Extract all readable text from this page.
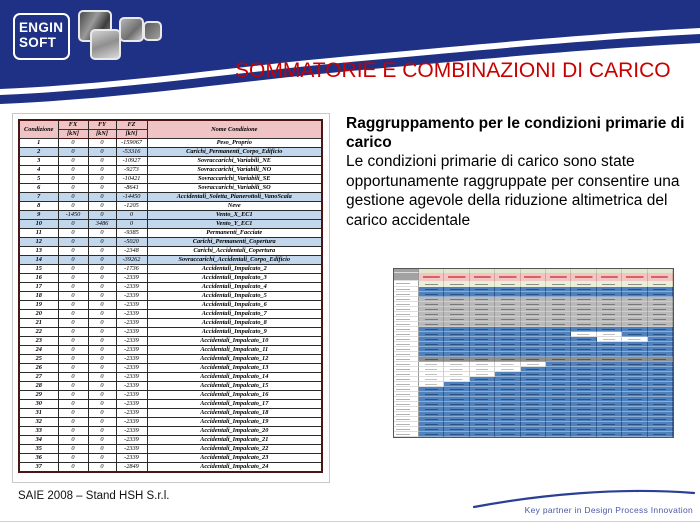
ENGIN
SOFT
SOMMATORIE E COMBINAZIONI DI CARICO
Condizione	FX	FY	FZ	Nome Condizione
	[kN]	[kN]	[kN]	
1	0	0	-159067	Peso_Proprio
2	0	0	-53316	Carichi_Permanenti_Corpo_Edificio
3	0	0	-10927	Sovraccarichi_Variabili_NE
4	0	0	-9273	Sovraccarichi_Variabili_NO
5	0	0	-10421	Sovraccarichi_Variabili_SE
6	0	0	-8641	Sovraccarichi_Variabili_SO
7	0	0	-14450	Accidentali_Soletta_Pianerottoli_VanoScala
8	0	0	-1205	Neve
9	-1450	0	0	Vento_X_EC1
10	0	3486	0	Vento_Y_EC1
11	0	0	-9385	Permanenti_Facciate
12	0	0	-5020	Carichi_Permanenti_Copertura
13	0	0	-2348	Carichi_Accidentali_Copertura
14	0	0	-39262	Sovraccarichi_Accidentali_Corpo_Edificio
15	0	0	-1736	Accidentali_Impalcato_2
16	0	0	-2339	Accidentali_Impalcato_3
17	0	0	-2339	Accidentali_Impalcato_4
18	0	0	-2339	Accidentali_Impalcato_5
19	0	0	-2339	Accidentali_Impalcato_6
20	0	0	-2339	Accidentali_Impalcato_7
21	0	0	-2339	Accidentali_Impalcato_8
22	0	0	-2339	Accidentali_Impalcato_9
23	0	0	-2339	Accidentali_Impalcato_10
24	0	0	-2339	Accidentali_Impalcato_11
25	0	0	-2339	Accidentali_Impalcato_12
26	0	0	-2339	Accidentali_Impalcato_13
27	0	0	-2339	Accidentali_Impalcato_14
28	0	0	-2339	Accidentali_Impalcato_15
29	0	0	-2339	Accidentali_Impalcato_16
30	0	0	-2339	Accidentali_Impalcato_17
31	0	0	-2339	Accidentali_Impalcato_18
32	0	0	-2339	Accidentali_Impalcato_19
33	0	0	-2339	Accidentali_Impalcato_20
34	0	0	-2339	Accidentali_Impalcato_21
35	0	0	-2339	Accidentali_Impalcato_22
36	0	0	-2339	Accidentali_Impalcato_23
37	0	0	-2849	Accidentali_Impalcato_24
Raggruppamento per le condizioni primarie di carico
Le condizioni primarie di carico sono state opportunamente raggruppate per consentire una gestione agevole della riduzione altimetrica del carico accidentale
SAIE 2008 – Stand HSH S.r.l.
Key partner in Design Process Innovation
